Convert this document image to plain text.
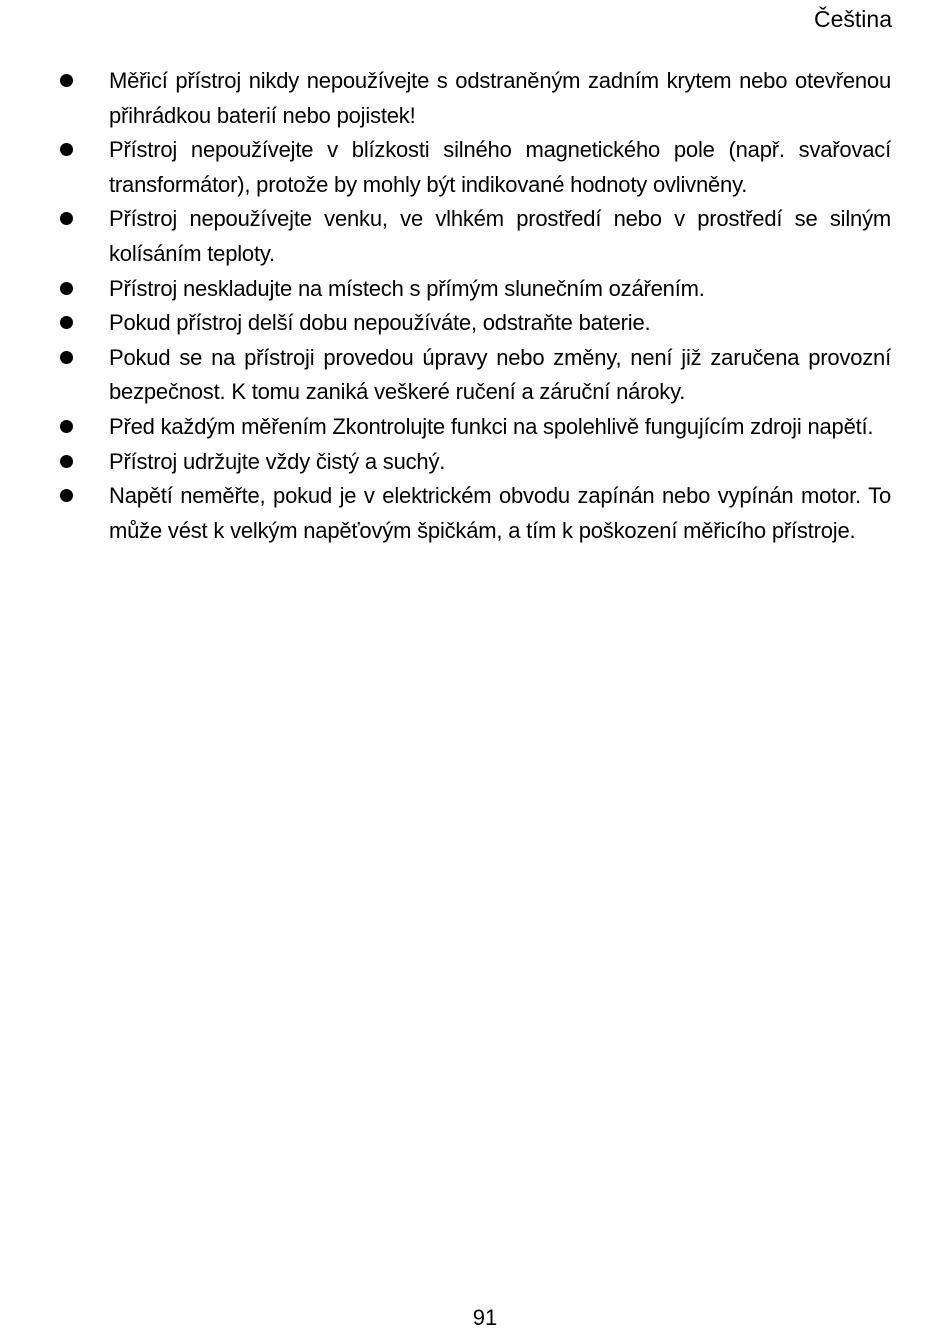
Čeština
Měřicí přístroj nikdy nepoužívejte s odstraněným zadním krytem nebo otevřenou přihrádkou baterií nebo pojistek!
Přístroj nepoužívejte v blízkosti silného magnetického pole (např. svařovací transformátor), protože by mohly být indikované hodnoty ovlivněny.
Přístroj nepoužívejte venku, ve vlhkém prostředí nebo v prostředí se silným kolísáním teploty.
Přístroj neskladujte na místech s přímým slunečním ozářením.
Pokud přístroj delší dobu nepoužíváte, odstraňte baterie.
Pokud se na přístroji provedou úpravy nebo změny, není již zaručena provozní bezpečnost. K tomu zaniká veškeré ručení a záruční nároky.
Před každým měřením Zkontrolujte funkci na spolehlivě fungujícím zdroji napětí.
Přístroj udržujte vždy čistý a suchý.
Napětí neměřte, pokud je v elektrickém obvodu zapínán nebo vypínán motor. To může vést k velkým napěťovým špičkám, a tím k poškození měřicího přístroje.
91
